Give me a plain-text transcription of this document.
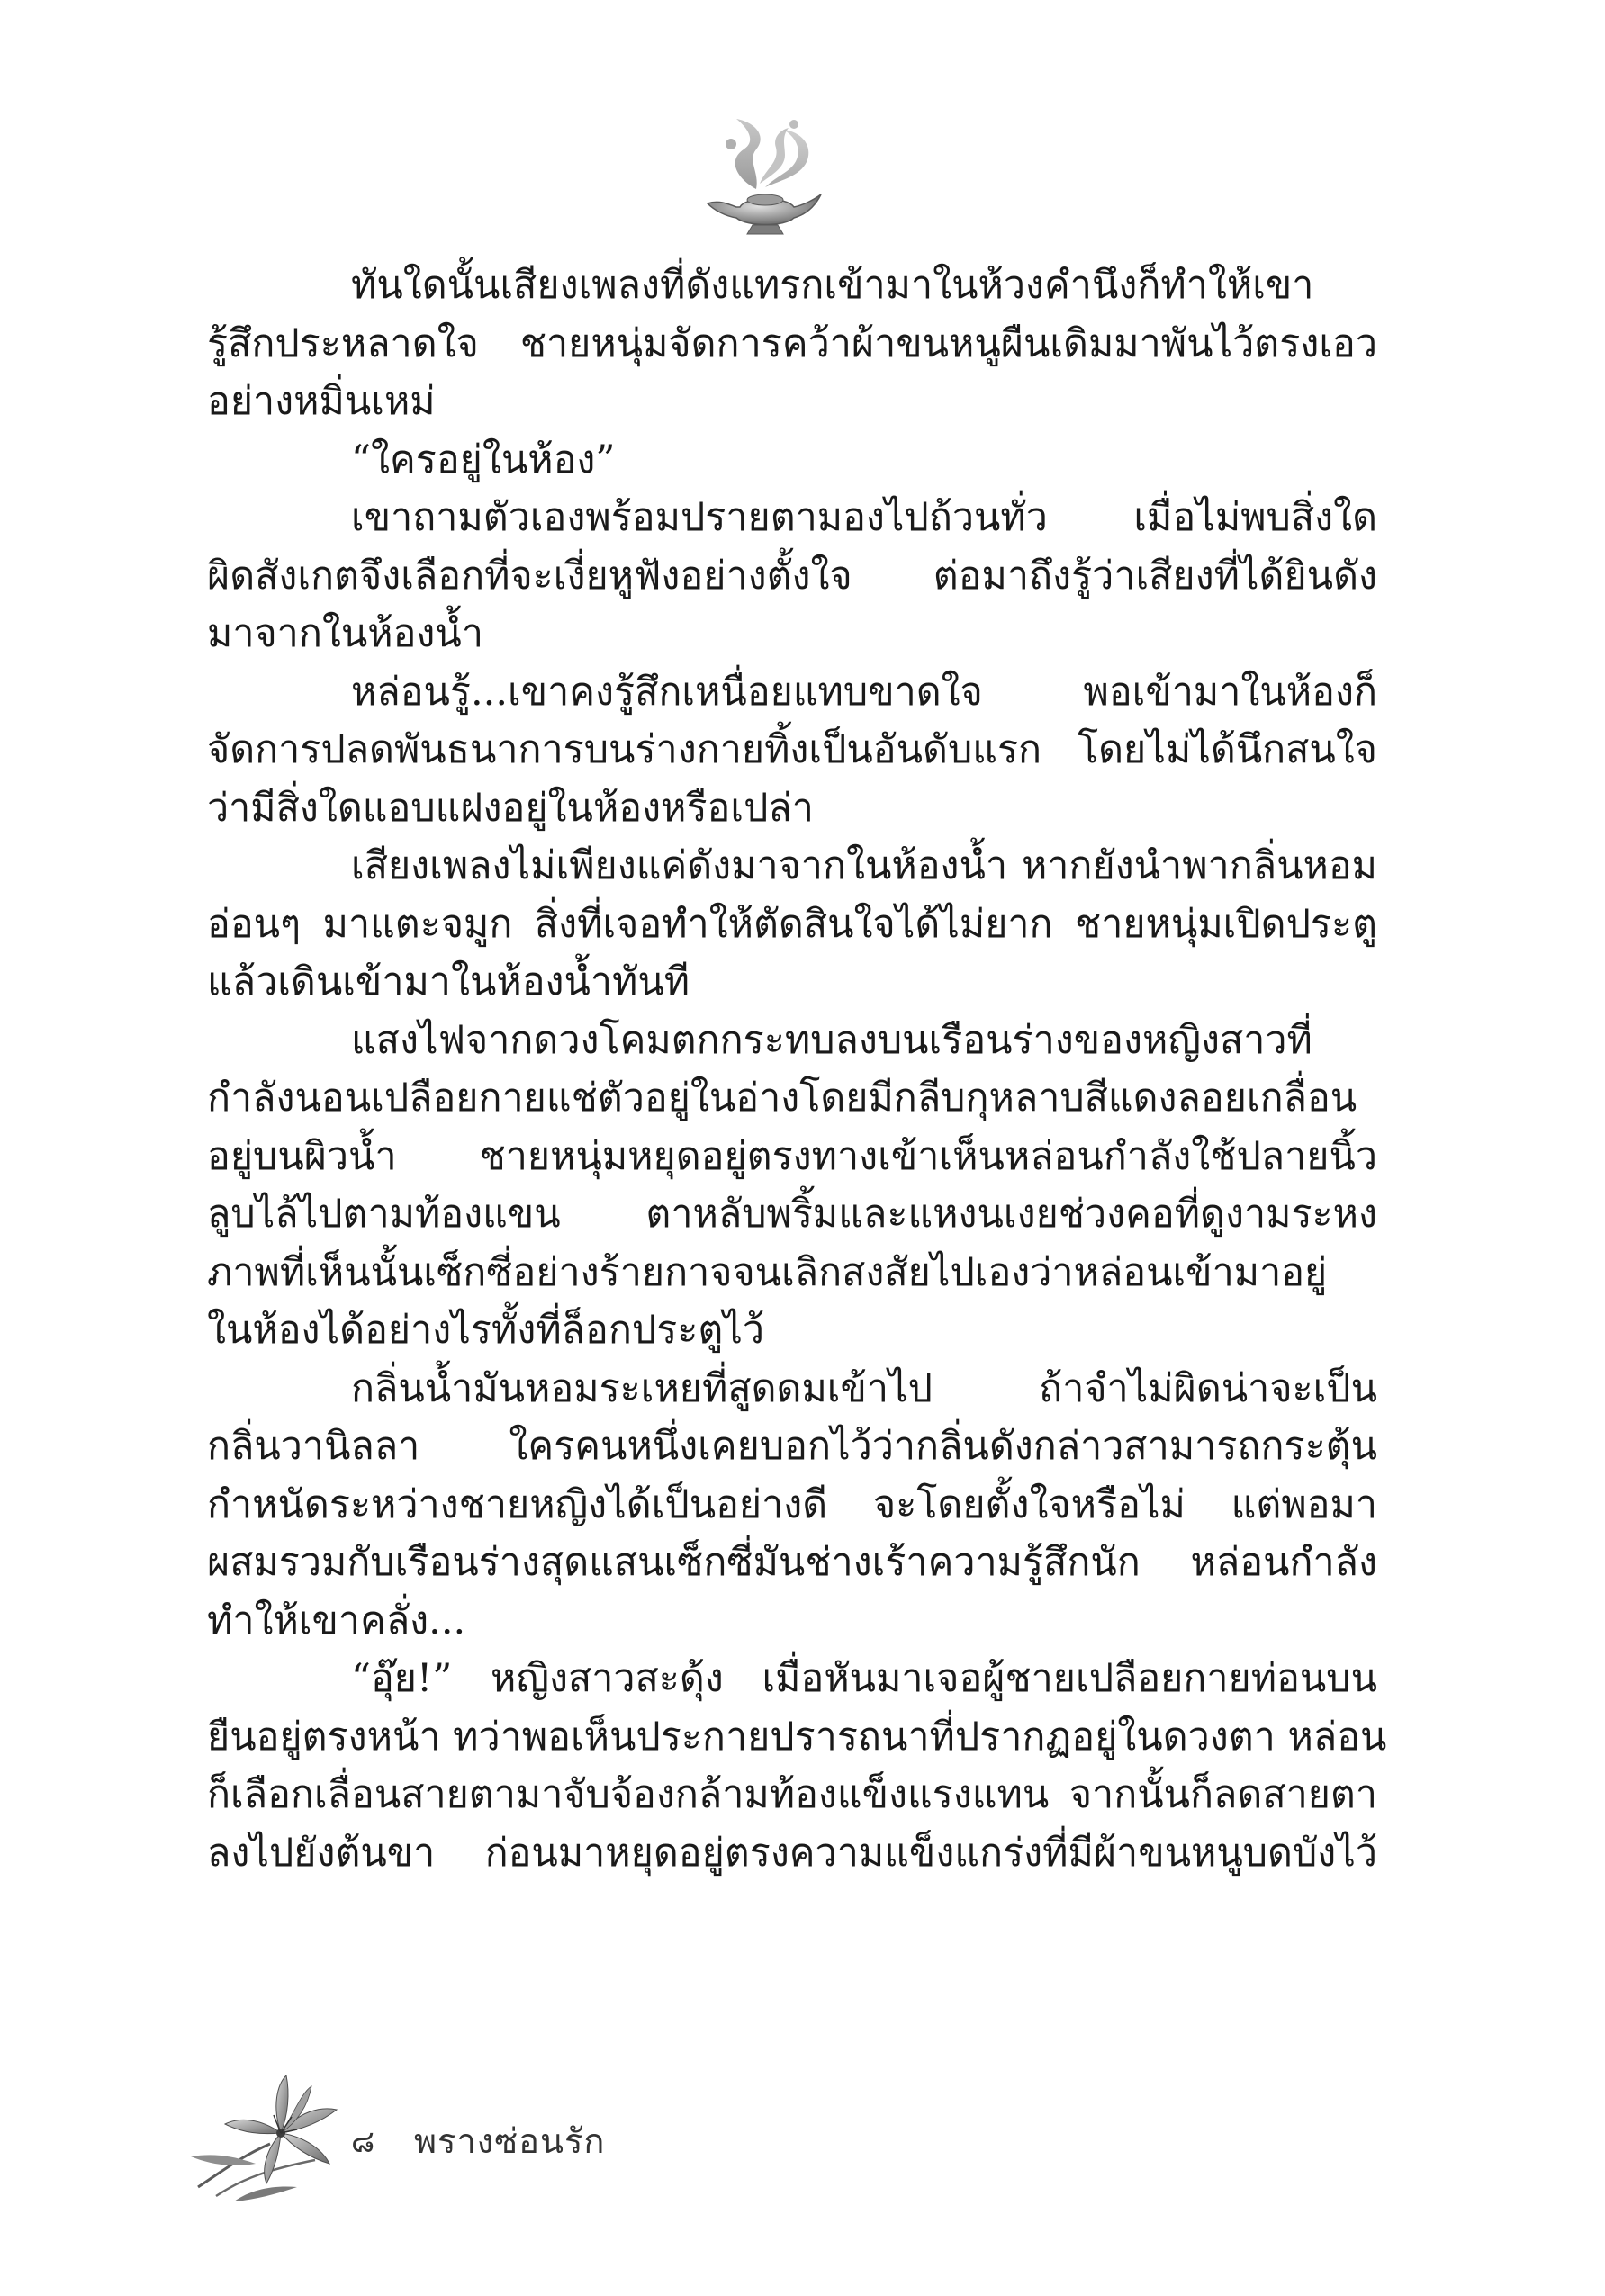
ทันใดนั้นเสียงเพลงที่ดังแทรกเข้ามาในห้วงคำนึงก็ทำให้เขา
รู้สึกประหลาดใจ ชายหนุ่มจัดการคว้าผ้าขนหนูผืนเดิมมาพันไว้ตรงเอว
อย่างหมิ่นเหม่
“ใครอยู่ในห้อง”
เขาถามตัวเองพร้อมปรายตามองไปถ้วนทั่ว เมื่อไม่พบสิ่งใด
ผิดสังเกตจึงเลือกที่จะเงี่ยหูฟังอย่างตั้งใจ ต่อมาถึงรู้ว่าเสียงที่ได้ยินดัง
มาจากในห้องน้ำ
หล่อนรู้...เขาคงรู้สึกเหนื่อยแทบขาดใจ พอเข้ามาในห้องก็
จัดการปลดพันธนาการบนร่างกายทิ้งเป็นอันดับแรก โดยไม่ได้นึกสนใจ
ว่ามีสิ่งใดแอบแฝงอยู่ในห้องหรือเปล่า
เสียงเพลงไม่เพียงแค่ดังมาจากในห้องน้ำ หากยังนำพากลิ่นหอม
อ่อนๆ มาแตะจมูก สิ่งที่เจอทำให้ตัดสินใจได้ไม่ยาก ชายหนุ่มเปิดประตู
แล้วเดินเข้ามาในห้องน้ำทันที
แสงไฟจากดวงโคมตกกระทบลงบนเรือนร่างของหญิงสาวที่
กำลังนอนเปลือยกายแช่ตัวอยู่ในอ่างโดยมีกลีบกุหลาบสีแดงลอยเกลื่อน
อยู่บนผิวน้ำ ชายหนุ่มหยุดอยู่ตรงทางเข้าเห็นหล่อนกำลังใช้ปลายนิ้ว
ลูบไล้ไปตามท้องแขน ตาหลับพริ้มและแหงนเงยช่วงคอที่ดูงามระหง
ภาพที่เห็นนั้นเซ็กซี่อย่างร้ายกาจจนเลิกสงสัยไปเองว่าหล่อนเข้ามาอยู่
ในห้องได้อย่างไรทั้งที่ล็อกประตูไว้
กลิ่นน้ำมันหอมระเหยที่สูดดมเข้าไป ถ้าจำไม่ผิดน่าจะเป็น
กลิ่นวานิลลา ใครคนหนึ่งเคยบอกไว้ว่ากลิ่นดังกล่าวสามารถกระตุ้น
กำหนัดระหว่างชายหญิงได้เป็นอย่างดี จะโดยตั้งใจหรือไม่ แต่พอมา
ผสมรวมกับเรือนร่างสุดแสนเซ็กซี่มันช่างเร้าความรู้สึกนัก หล่อนกำลัง
ทำให้เขาคลั่ง...
“อุ๊ย!” หญิงสาวสะดุ้ง เมื่อหันมาเจอผู้ชายเปลือยกายท่อนบน
ยืนอยู่ตรงหน้า ทว่าพอเห็นประกายปรารถนาที่ปรากฏอยู่ในดวงตา หล่อน
ก็เลือกเลื่อนสายตามาจับจ้องกล้ามท้องแข็งแรงแทน จากนั้นก็ลดสายตา
ลงไปยังต้นขา ก่อนมาหยุดอยู่ตรงความแข็งแกร่งที่มีผ้าขนหนูบดบังไว้
๘ พรางซ่อนรัก
